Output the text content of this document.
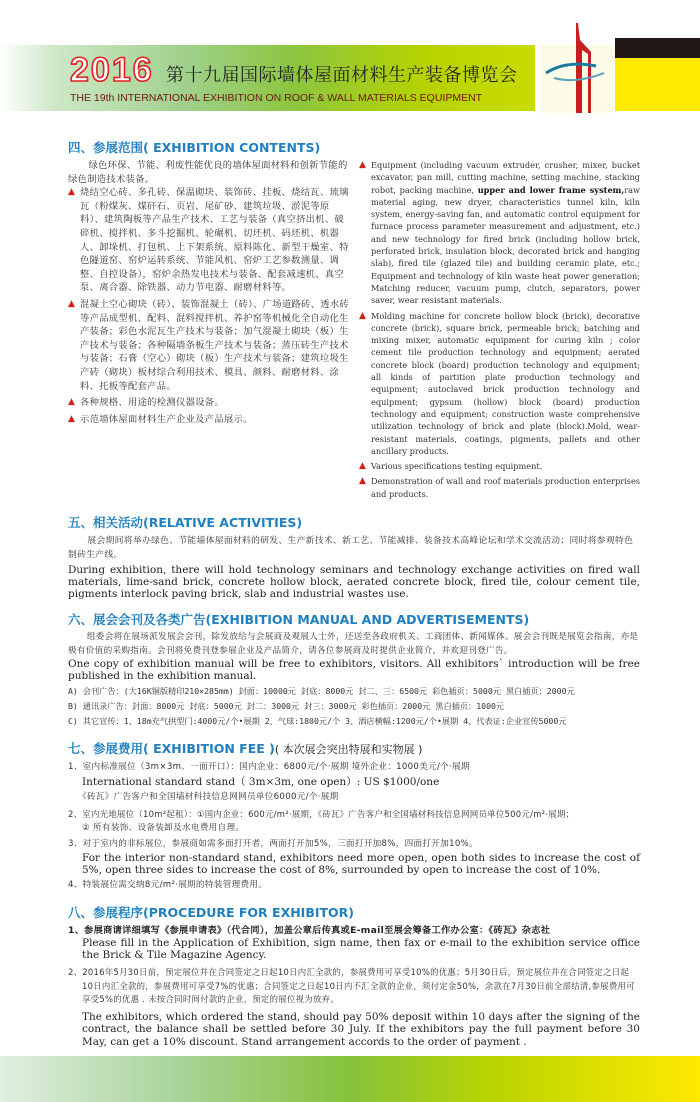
2016 第十九届国际墙体屋面材料生产装备博览会
THE 19th INTERNATIONAL EXHIBITION ON ROOF & WALL MATERIALS EQUIPMENT
四、参展范围( EXHIBITION CONTENTS)
绿色环保、节能、利废性能优良的墙体屋面材料和创新节能的绿色制造技术装备。
▲ 烧结空心砖、多孔砖、保温砌块、装饰砖、挂板、烧结瓦、琉璃瓦（粉煤灰、煤矸石、页岩、尾矿砂、建筑垃圾、淤泥等原料）、建筑陶板等产品生产技术、工艺与装备（真空挤出机、破碎机、搅拌机、多斗挖掘机、轮碾机、切坯机、码坯机、机器人、卸垛机、打包机、上下架系统、原料陈化、新型干燥室、特色隧道窑、窑炉运转系统、节能风机、窑炉工艺参数测量、调整、自控设备），窑炉余热发电技术与装备、配套减速机、真空泵、离合器、除铁器、动力节电器、耐磨材料等。
▲ 混凝土空心砌块（砖）、装饰混凝土（砖）、广场道路砖、透水砖等产品成型机、配料、混料搅拌机、养护窑等机械化全自动化生产装备；彩色水泥瓦生产技术与装备；加气混凝土砌块（板）生产技术与装备；各种隔墙条板生产技术与装备；蒸压砖生产技术与装备；石膏（空心）砌块（板）生产技术与装备；建筑垃圾生产砖（砌块）板材综合利用技术、模具、颜料、耐磨材料、涂料、托板等配套产品。
▲ 各种规格、用途的检测仪器设备。
▲ 示范墙体屋面材料生产企业及产品展示。
▲ Equipment (including vacuum extruder, crusher, mixer, bucket excavator, pan mill, cutting machine, setting machine, stacking robot, packing machine, upper and lower frame system,raw material aging, new dryer, characteristics tunnel kiln, kiln system, energy-saving fan, and automatic control equipment for furnace process parameter measurement and adjustment, etc.) and new technology for fired brick (including hollow brick, perforated brick, insulation block, decorated brick and hanging slab), fired tile (glazed tile) and building ceramic plate, etc.; Equipment and technology of kiln waste heat power generation; Matching reducer, vacuum pump, clutch, separators, power saver, wear resistant materials.
▲ Molding machine for concrete hollow block (brick), decorative concrete (brick), square brick, permeable brick; batching and mixing mixer, automatic equipment for curing kiln ; color cement tile production technology and equipment; aerated concrete block (board) production technology and equipment; all kinds of partition plate production technology and equipment; autoclaved brick production technology and equipment; gypsum (hollow) block (board) production technology and equipment; construction waste comprehensive utilization technology of brick and plate (block).Mold, wear-resistant materials, coatings, pigments, pallets and other ancillary products.
▲ Various specifications testing equipment.
▲ Demonstration of wall and roof materials production enterprises and products.
五、相关活动(RELATIVE ACTIVITIES)
展会期间将举办绿色、节能墙体屋面材料的研发、生产新技术、新工艺、节能减排、装备技术高峰论坛和学术交流活动；同时将参观特色制砖生产线。
During exhibition, there will hold technology seminars and technology exchange activities on fired wall materials, lime-sand brick, concrete hollow block, aerated concrete block, fired tile, colour cement tile, pigments interlock paving brick, slab and industrial wastes use.
六、展会会刊及各类广告(EXHIBITION MANUAL AND ADVERTISEMENTS)
组委会将在展场派发展会会刊，除发放给与会展商及观展人士外，还送至各政府机关、工商团体、新闻媒体。展会会刊既是展览会指南，亦是极有价值的采购指南。会刊将免费刊登参展企业及产品简介，请各位参展商及时提供企业简介，并欢迎刊登广告。
One copy of exhibition manual will be free to exhibitors, visitors. All exhibitors` introduction will be free published in the exhibition manual.
A) 会刊广告：(大16K铜版精印210×285mm) 封面：10000元 封底：8000元 封二、三：6500元 彩色插页：5000元 黑白插页：2000元
B) 通讯录广告：封面：8000元 封底：5000元 封二：3000元 封三：3000元 彩色插页：2000元 黑白插页：1000元
C) 其它宣传：1、18m充气拱型门:4000元/个•展期 2、气球:1800元/个 3、酒店横幅:1200元/个•展期 4、代表证:企业宣传5000元
七、参展费用( EXHIBITION FEE )( 本次展会突出特展和实物展 )
1、室内标准展位（3m×3m、一面开口）：国内企业：6800元/个·展期 境外企业：1000美元/个·展期
International standard stand（ 3m×3m, one open）: US $1000/one
《砖瓦》广告客户和全国墙材科技信息网网员单位6000元/个·展期
2、室内光地展位（10m²起租）：①国内企业：600元/m²·展期，《砖瓦》广告客户和全国墙材科技信息网网员单位500元/m²·展期；
② 所有装饰、设备装卸及水电费用自理。
3、对于室内的非标展位，参展商如需多面打开者，两面打开加5%，三面打开加8%，四面打开加10%。
For the interior non-standard stand, exhibitors need more open, open both sides to increase the cost of 5%, open three sides to increase the cost of 8%, surrounded by open to increase the cost of 10%.
4、特装展位需交纳8元/m²·展期的特装管理费用。
八、参展程序(PROCEDURE FOR EXHIBITOR)
1、参展商请详细填写《参展申请表》（代合同），加盖公章后传真或E-mail至展会筹备工作办公室：《砖瓦》杂志社
Please fill in the Application of Exhibition, sign name, then fax or e-mail to the exhibition service office the Brick & Tile Magazine Agency.
2、2016年5月30日前，预定展位并在合同签定之日起10日内汇全款的，参展费用可享受10%的优惠；5月30日后，预定展位并在合同签定之日起10日内汇全款的，参展费用可享受7%的优惠；合同签定之日起10日内不汇全款的企业，须付定金50%，余款在7月30日前全部结清,参展费用可享受5%的优惠 . 未按合同时间付款的企业，预定的展位视为放弃。
The exhibitors, which ordered the stand, should pay 50% deposit within 10 days after the signing of the contract, the balance shall be settled before 30 July. If the exhibitors pay the full payment before 30 May, can get a 10% discount. Stand arrangement accords to the order of payment .
